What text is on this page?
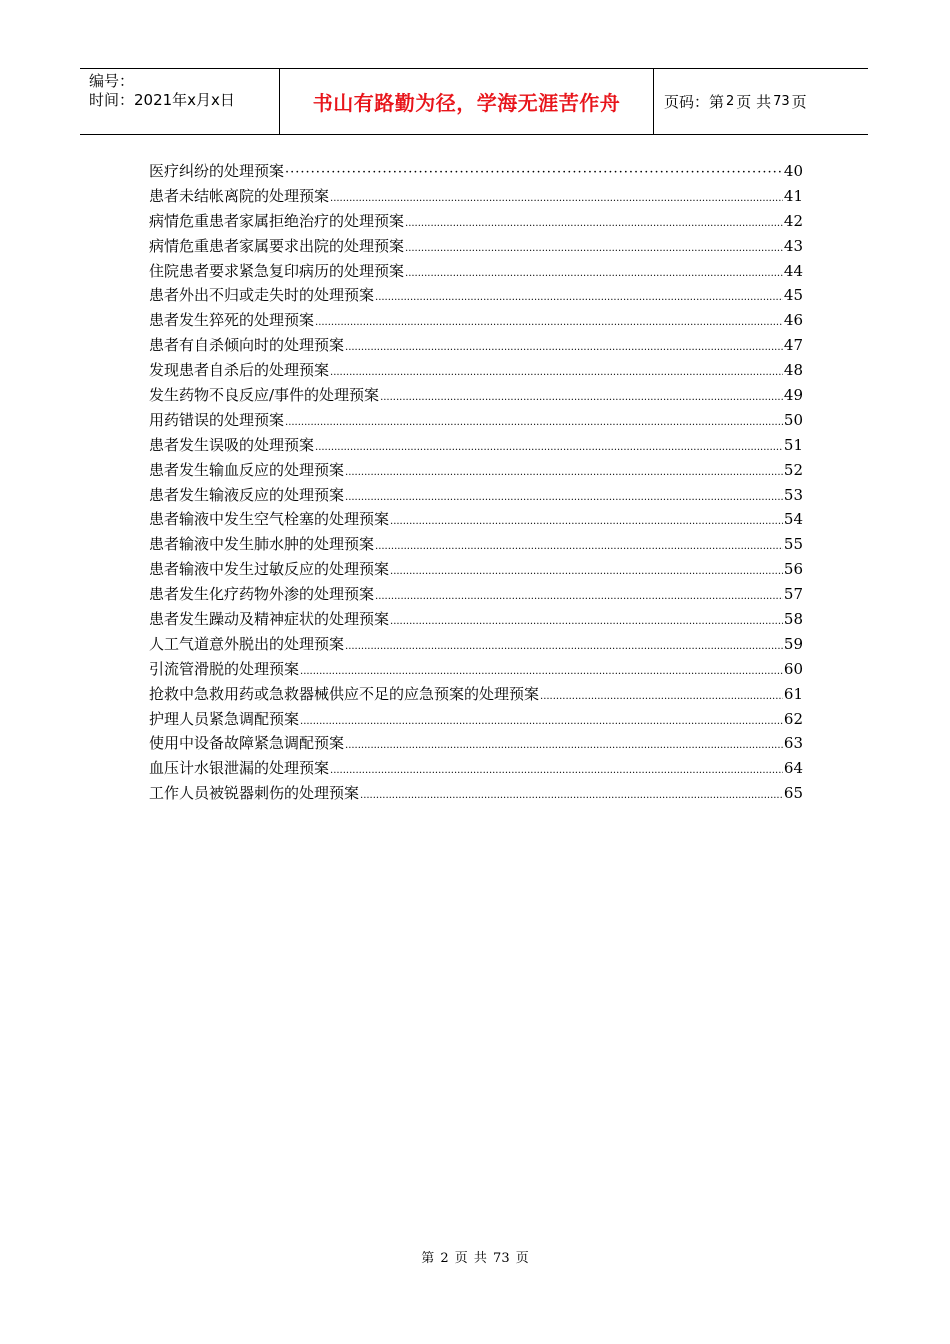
编号：
时间：2021年x月x日	书山有路勤为径，学海无涯苦作舟	页码：第 2 页 共 73 页
医疗纠纷的处理预案 ·····	40
患者未结帐离院的处理预案 .....	41
病情危重患者家属拒绝治疗的处理预案 .....	42
病情危重患者家属要求出院的处理预案 .....	43
住院患者要求紧急复印病历的处理预案 .....	44
患者外出不归或走失时的处理预案 .....	45
患者发生猝死的处理预案 .....	46
患者有自杀倾向时的处理预案 .....	47
发现患者自杀后的处理预案 .....	48
发生药物不良反应/事件的处理预案 .....	49
用药错误的处理预案 .....	50
患者发生误吸的处理预案 .....	51
患者发生输血反应的处理预案 .....	52
患者发生输液反应的处理预案 .....	53
患者输液中发生空气栓塞的处理预案 .....	54
患者输液中发生肺水肿的处理预案 .....	55
患者输液中发生过敏反应的处理预案 .....	56
患者发生化疗药物外渗的处理预案 .....	57
患者发生躁动及精神症状的处理预案 .....	58
人工气道意外脱出的处理预案 .....	59
引流管滑脱的处理预案 .....	60
抢救中急救用药或急救器械供应不足的应急预案的处理预案 .....	61
护理人员紧急调配预案 .....	62
使用中设备故障紧急调配预案 .....	63
血压计水银泄漏的处理预案 .....	64
工作人员被锐器刺伤的处理预案 .....	65
第 2 页 共 73 页
